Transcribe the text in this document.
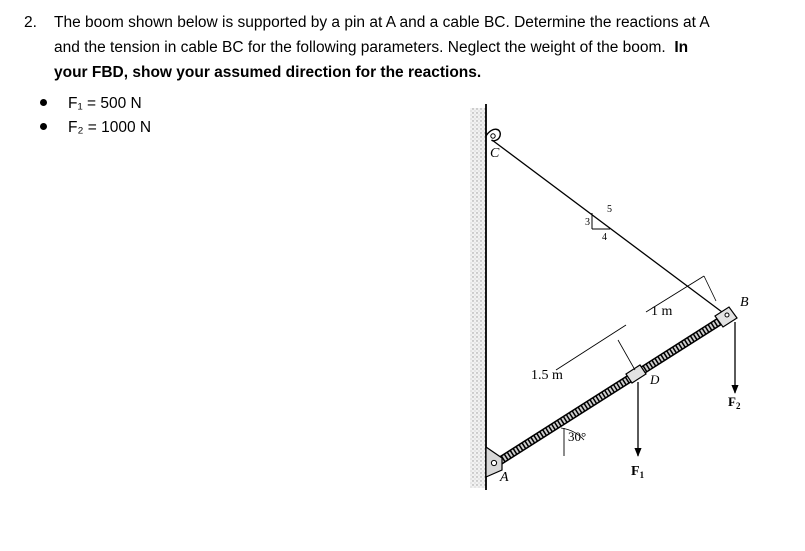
2. The boom shown below is supported by a pin at A and a cable BC. Determine the reactions at A
and the tension in cable BC for the following parameters. Neglect the weight of the boom. In
your FBD, show your assumed direction for the reactions.
F₁ = 500 N
F₂ = 1000 N
C
A
B
D
1.5 m
1 m
30°
3
4
5
$F_1$
$F_2$
